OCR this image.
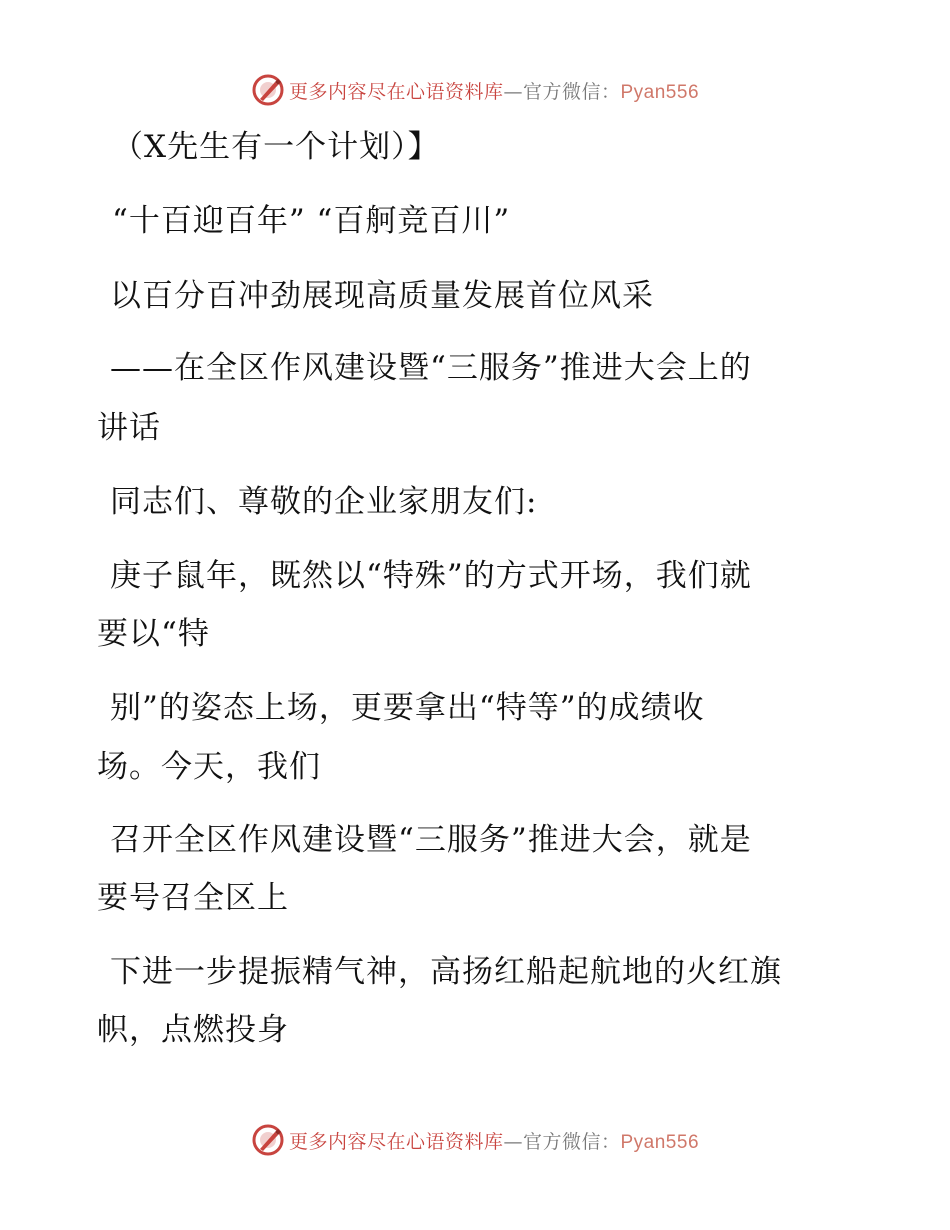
更多内容尽在心语资料库—官方微信：Pyan556
（X先生有一个计划）】
“十百迎百年” “百舸竞百川”
以百分百冲劲展现高质量发展首位风采
——在全区作风建设暨“三服务”推进大会上的
讲话
同志们、尊敬的企业家朋友们:
庚子鼠年，既然以“特殊”的方式开场，我们就
要以“特
别”的姿态上场，更要拿出“特等”的成绩收
场。今天，我们
召开全区作风建设暨“三服务”推进大会，就是
要号召全区上
下进一步提振精气神，高扬红船起航地的火红旗
帜，点燃投身
更多内容尽在心语资料库—官方微信：Pyan556
